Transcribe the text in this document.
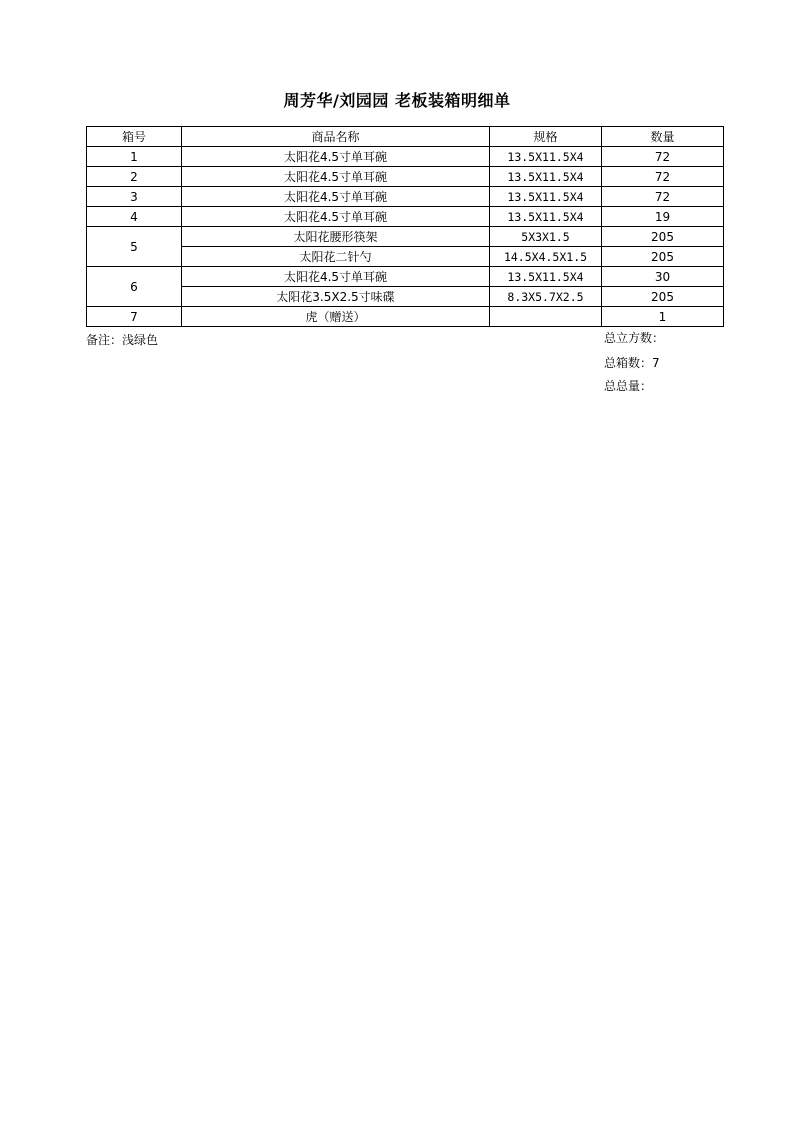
周芳华/刘园园 老板装箱明细单
箱号	商品名称	规格	数量
1	太阳花4.5寸单耳碗	13.5X11.5X4	72
2	太阳花4.5寸单耳碗	13.5X11.5X4	72
3	太阳花4.5寸单耳碗	13.5X11.5X4	72
4	太阳花4.5寸单耳碗	13.5X11.5X4	19
5	太阳花腰形筷架	5X3X1.5	205
	太阳花二针勺	14.5X4.5X1.5	205
6	太阳花4.5寸单耳碗	13.5X11.5X4	30
	太阳花3.5X2.5寸味碟	8.3X5.7X2.5	205
7	虎（赠送）		1
备注：浅绿色	总立方数：
总箱数：7
总总量：
